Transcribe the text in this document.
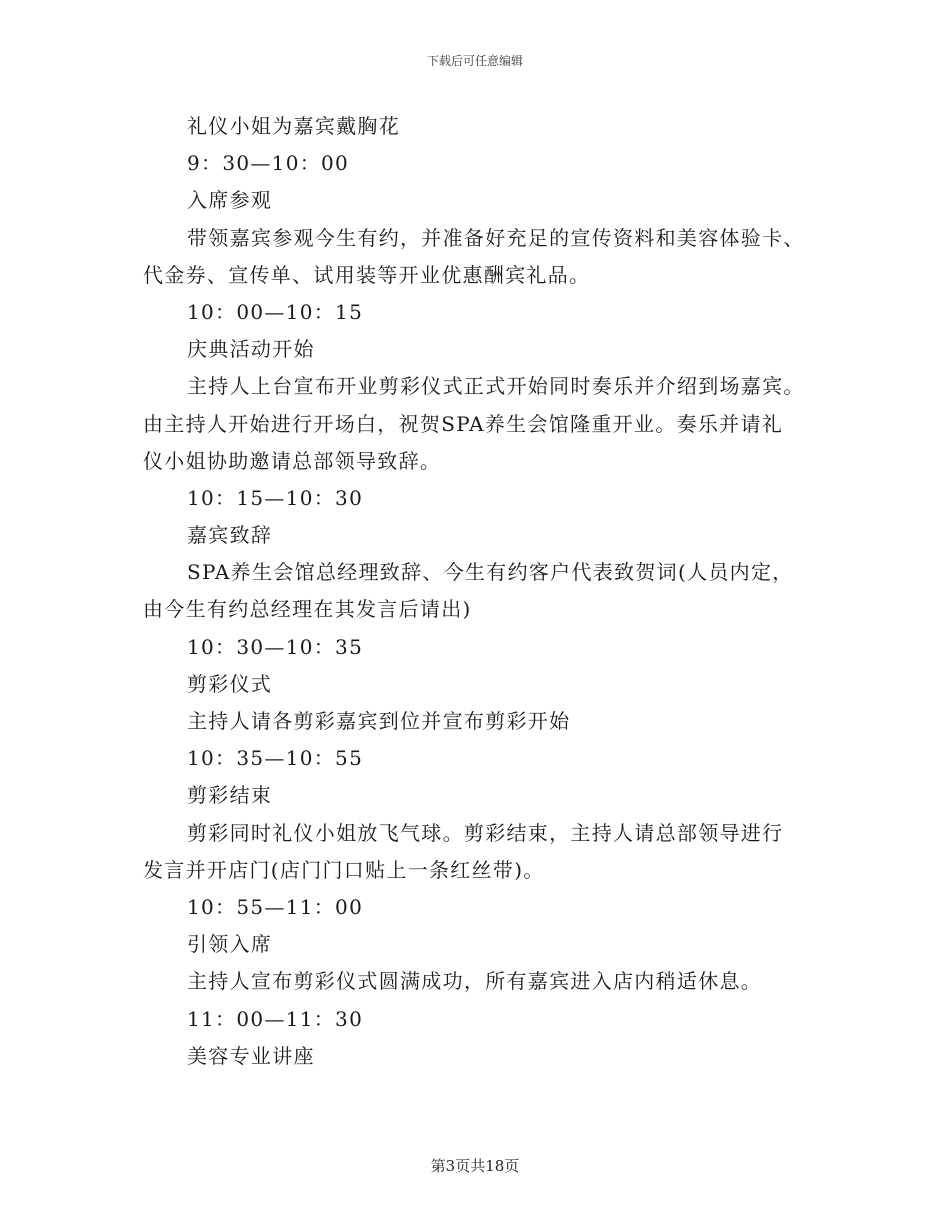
下载后可任意编辑
礼仪小姐为嘉宾戴胸花
9：30—10：00
入席参观
带领嘉宾参观今生有约，并准备好充足的宣传资料和美容体验卡、
代金券、宣传单、试用装等开业优惠酬宾礼品。
10：00—10：15
庆典活动开始
主持人上台宣布开业剪彩仪式正式开始同时奏乐并介绍到场嘉宾。
由主持人开始进行开场白，祝贺SPA养生会馆隆重开业。奏乐并请礼
仪小姐协助邀请总部领导致辞。
10：15—10：30
嘉宾致辞
SPA养生会馆总经理致辞、今生有约客户代表致贺词(人员内定，
由今生有约总经理在其发言后请出)
10：30—10：35
剪彩仪式
主持人请各剪彩嘉宾到位并宣布剪彩开始
10：35—10：55
剪彩结束
剪彩同时礼仪小姐放飞气球。剪彩结束，主持人请总部领导进行
发言并开店门(店门门口贴上一条红丝带)。
10：55—11：00
引领入席
主持人宣布剪彩仪式圆满成功，所有嘉宾进入店内稍适休息。
11：00—11：30
美容专业讲座
第3页共18页
